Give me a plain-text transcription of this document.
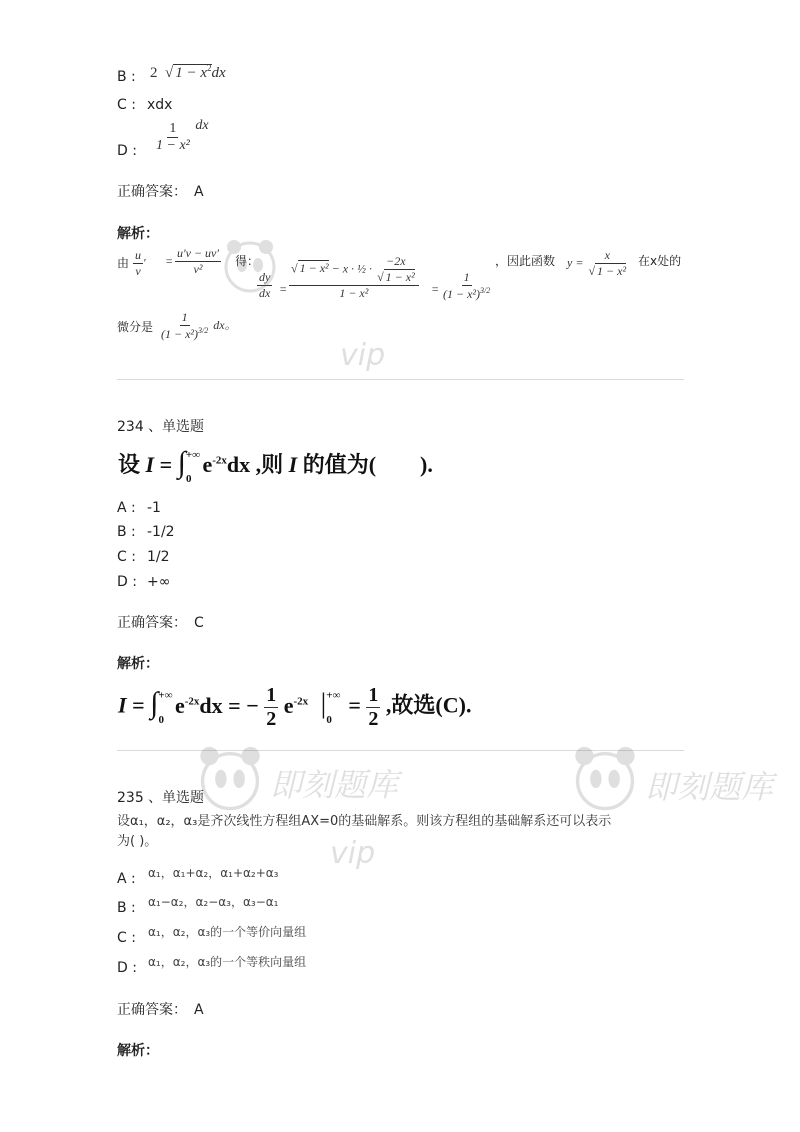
B : 2  √ $1 - x^2dx$
C : xdx
D : $\frac{1}{\text{1 − x²}}$ dx
正确答案： A
解析：
由 $\frac{u}{v}$ ′ = $\frac{u'v - uv'}{\text{v²}}$ 得：
$\frac{dy}{dx} = \frac{√ 1 - x^2 - x \cdot \frac{1}{2} \cdot \frac{-2x}{\text{√ 1 − x²}}}{\text{1 − x²}} = \frac{1}{(1 - x^2)^{3/2}}$
，因此函数 $y = \frac{x}{\text{√ 1 − x²}}$ 在x处的
微分是 $\frac{1}{(1 - x^2)^{3/2}}$ dx。
234 、 单选题
设 $I = \int^{+\infty}_0$  $e^{-2x}dx$ ,则 I 的值为(        ).
A : -1
B : -1/2
C : 1/2
D : +∞
正确答案： C
解析：
$I = \int^{+\infty}_0$  $e^{-2x}dx$ = − $\frac{1}{2} e^{-2x}$  $|^{+\infty}_0 = \frac{1}{2}$ ,故选(C).
235 、 单选题
设α₁，α₂，α₃是齐次线性方程组AX=0的基础解系。则该方程组的基础解系还可以表示
为( )。
A : α₁，α₁+α₂，α₁+α₂+α₃
B : α₁−α₂，α₂−α₃，α₃−α₁
C : α₁，α₂，α₃的一个等价向量组
D : α₁，α₂，α₃的一个等秩向量组
正确答案： A
解析：
vip
即刻题库
vip
即刻题库
